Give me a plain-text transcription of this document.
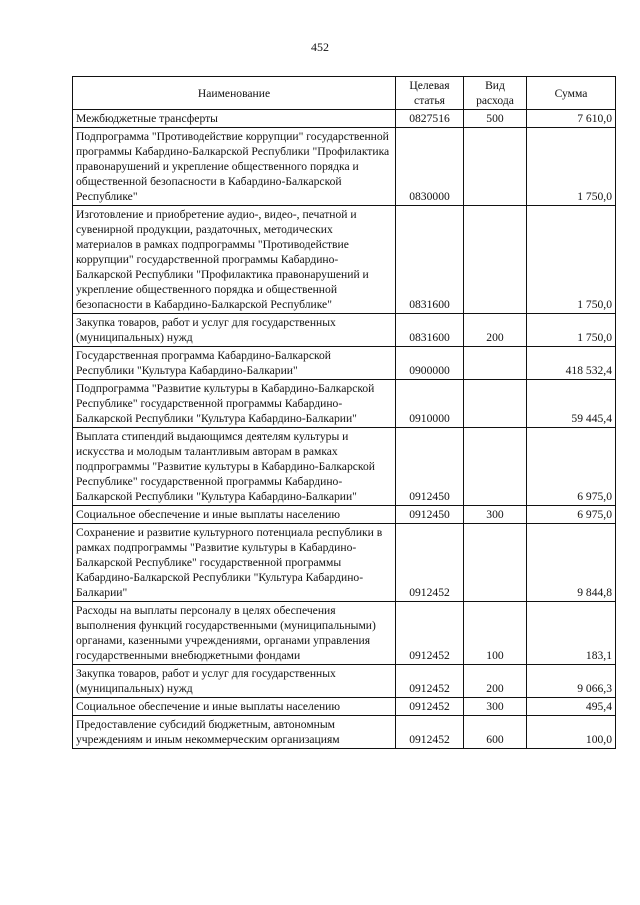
452
Наименование	Целевая статья	Вид расхода	Сумма
Межбюджетные трансферты	0827516	500	7 610,0
Подпрограмма "Противодействие коррупции" государственной программы Кабардино-Балкарской Республики "Профилактика правонарушений и укрепление общественного порядка и общественной безопасности в Кабардино-Балкарской Республике"	0830000		1 750,0
Изготовление и приобретение аудио-, видео-, печатной и сувенирной продукции, раздаточных, методических материалов в рамках подпрограммы "Противодействие коррупции" государственной программы Кабардино-Балкарской Республики "Профилактика правонарушений и укрепление общественного порядка и общественной безопасности в Кабардино-Балкарской Республике"	0831600		1 750,0
Закупка товаров, работ и услуг для государственных (муниципальных) нужд	0831600	200	1 750,0
Государственная программа Кабардино-Балкарской Республики "Культура Кабардино-Балкарии"	0900000		418 532,4
Подпрограмма "Развитие культуры в Кабардино-Балкарской Республике" государственной программы Кабардино-Балкарской Республики "Культура Кабардино-Балкарии"	0910000		59 445,4
Выплата стипендий выдающимся деятелям культуры и искусства и молодым талантливым авторам в рамках подпрограммы "Развитие культуры в Кабардино-Балкарской Республике" государственной программы Кабардино-Балкарской Республики "Культура Кабардино-Балкарии"	0912450		6 975,0
Социальное обеспечение и иные выплаты населению	0912450	300	6 975,0
Сохранение и развитие культурного потенциала республики в рамках подпрограммы "Развитие культуры в Кабардино-Балкарской Республике" государственной программы Кабардино-Балкарской Республики "Культура Кабардино-Балкарии"	0912452		9 844,8
Расходы на выплаты персоналу в целях обеспечения выполнения функций государственными (муниципальными) органами, казенными учреждениями, органами управления государственными внебюджетными фондами	0912452	100	183,1
Закупка товаров, работ и услуг для государственных (муниципальных) нужд	0912452	200	9 066,3
Социальное обеспечение и иные выплаты населению	0912452	300	495,4
Предоставление субсидий бюджетным, автономным учреждениям и иным некоммерческим организациям	0912452	600	100,0
